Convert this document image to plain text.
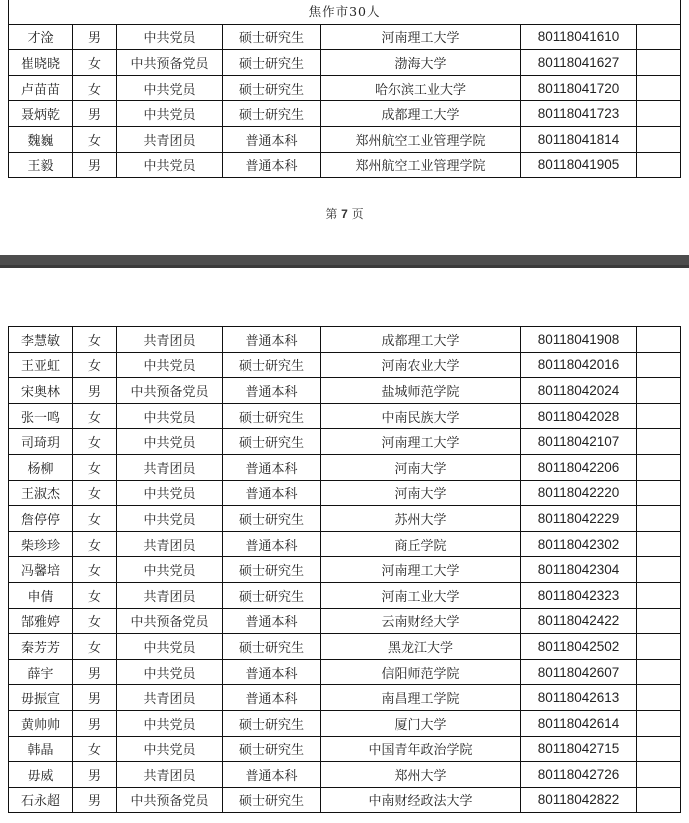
焦作市30人						
才淦	男	中共党员	硕士研究生	河南理工大学	80118041610	
崔晓晓	女	中共预备党员	硕士研究生	渤海大学	80118041627	
卢苗苗	女	中共党员	硕士研究生	哈尔滨工业大学	80118041720	
聂炳乾	男	中共党员	硕士研究生	成都理工大学	80118041723	
魏巍	女	共青团员	普通本科	郑州航空工业管理学院	80118041814	
王毅	男	中共党员	普通本科	郑州航空工业管理学院	80118041905	
第 7 页
李慧敏	女	共青团员	普通本科	成都理工大学	80118041908	
王亚虹	女	中共党员	硕士研究生	河南农业大学	80118042016	
宋奥林	男	中共预备党员	普通本科	盐城师范学院	80118042024	
张一鸣	女	中共党员	硕士研究生	中南民族大学	80118042028	
司琦玥	女	中共党员	硕士研究生	河南理工大学	80118042107	
杨柳	女	共青团员	普通本科	河南大学	80118042206	
王淑杰	女	中共党员	普通本科	河南大学	80118042220	
詹停停	女	中共党员	硕士研究生	苏州大学	80118042229	
柴珍珍	女	共青团员	普通本科	商丘学院	80118042302	
冯馨培	女	中共党员	硕士研究生	河南理工大学	80118042304	
申倩	女	共青团员	硕士研究生	河南工业大学	80118042323	
郜雅婷	女	中共预备党员	普通本科	云南财经大学	80118042422	
秦芳芳	女	中共党员	硕士研究生	黑龙江大学	80118042502	
薛宇	男	中共党员	普通本科	信阳师范学院	80118042607	
毋振宣	男	共青团员	普通本科	南昌理工学院	80118042613	
黄帅帅	男	中共党员	硕士研究生	厦门大学	80118042614	
韩晶	女	中共党员	硕士研究生	中国青年政治学院	80118042715	
毋威	男	共青团员	普通本科	郑州大学	80118042726	
石永超	男	中共预备党员	硕士研究生	中南财经政法大学	80118042822	
